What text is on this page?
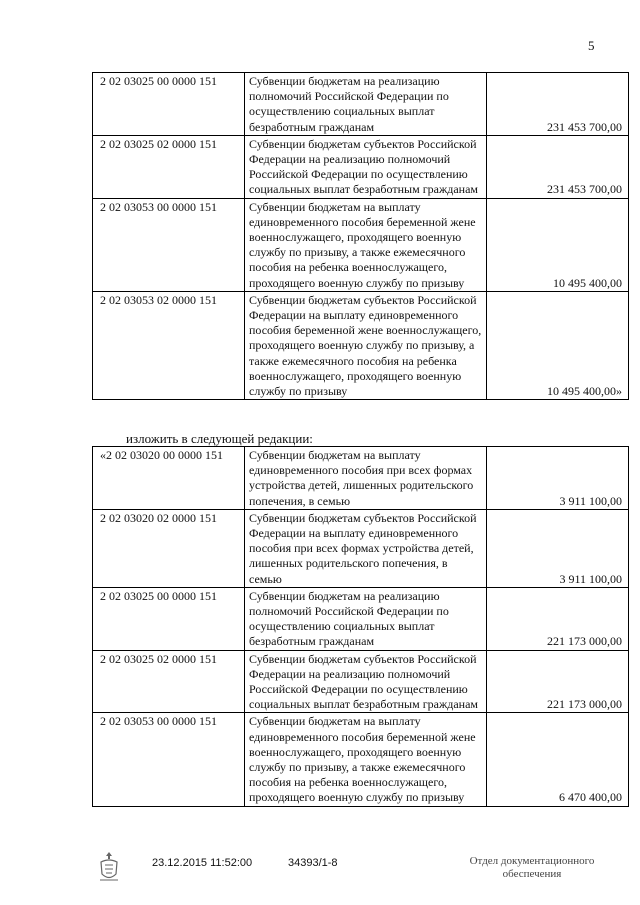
5
2 02 03025 00 0000 151	Субвенции бюджетам на реализацию полномочий Российской Федерации по осуществлению социальных выплат безработным гражданам	231 453 700,00
2 02 03025 02 0000 151	Субвенции бюджетам субъектов Российской Федерации на реализацию полномочий Российской Федерации по осуществлению социальных выплат безработным гражданам	231 453 700,00
2 02 03053 00 0000 151	Субвенции бюджетам на выплату единовременного пособия беременной жене военнослужащего, проходящего военную службу по призыву, а также ежемесячного пособия на ребенка военнослужащего, проходящего военную службу по призыву	10 495 400,00
2 02 03053 02 0000 151	Субвенции бюджетам субъектов Российской Федерации на выплату единовременного пособия беременной жене военнослужащего, проходящего военную службу по призыву, а также ежемесячного пособия на ребенка военнослужащего, проходящего военную службу по призыву	10 495 400,00»
изложить в следующей редакции:
«2 02 03020 00 0000 151	Субвенции бюджетам на выплату единовременного пособия при всех формах устройства детей, лишенных родительского попечения, в семью	3 911 100,00
2 02 03020 02 0000 151	Субвенции бюджетам субъектов Российской Федерации на выплату единовременного пособия при всех формах устройства детей, лишенных родительского попечения, в семью	3 911 100,00
2 02 03025 00 0000 151	Субвенции бюджетам на реализацию полномочий Российской Федерации по осуществлению социальных выплат безработным гражданам	221 173 000,00
2 02 03025 02 0000 151	Субвенции бюджетам субъектов Российской Федерации на реализацию полномочий Российской Федерации по осуществлению социальных выплат безработным гражданам	221 173 000,00
2 02 03053 00 0000 151	Субвенции бюджетам на выплату единовременного пособия беременной жене военнослужащего, проходящего военную службу по призыву, а также ежемесячного пособия на ребенка военнослужащего, проходящего военную службу по призыву	6 470 400,00
23.12.2015 11:52:00	34393/1-8	Отдел документационного
обеспечения
